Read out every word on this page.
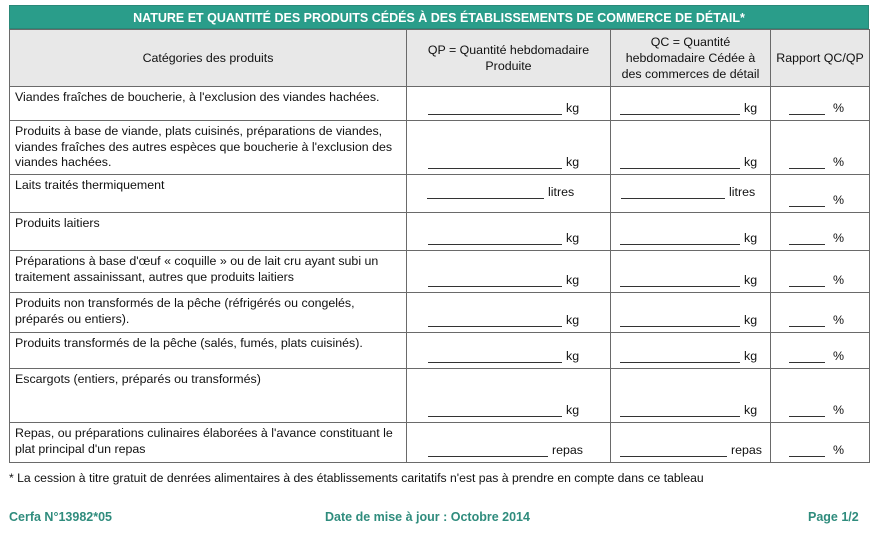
NATURE ET QUANTITÉ DES PRODUITS CÉDÉS À DES ÉTABLISSEMENTS DE COMMERCE DE DÉTAIL*
Catégories des produits	QP = Quantité hebdomadaire Produite	QC = Quantité hebdomadaire Cédée à des commerces de détail	Rapport QC/QP
Viandes fraîches de boucherie, à l'exclusion des viandes hachées.	kg	kg	%

Produits à base de viande, plats cuisinés, préparations de viandes, viandes fraîches des autres espèces que boucherie à l'exclusion des viandes hachées.	kg	kg	%

Laits traités thermiquement	litres	litres	%

Produits laitiers	kg	kg	%

Préparations à base d'œuf « coquille » ou de lait cru ayant subi un traitement assainissant, autres que produits laitiers	kg	kg	%

Produits non transformés de la pêche (réfrigérés ou congelés, préparés ou entiers).	kg	kg	%

Produits transformés de la pêche (salés, fumés, plats cuisinés).	kg	kg	%

Escargots (entiers, préparés ou transformés)	kg	kg	%

Repas, ou préparations culinaires élaborées à l'avance constituant le plat principal d'un repas	repas	repas	%
* La cession à titre gratuit de denrées alimentaires à des établissements caritatifs n'est pas à prendre en compte dans ce tableau
Cerfa N°13982*05	Date de mise à jour : Octobre 2014	Page 1/2
